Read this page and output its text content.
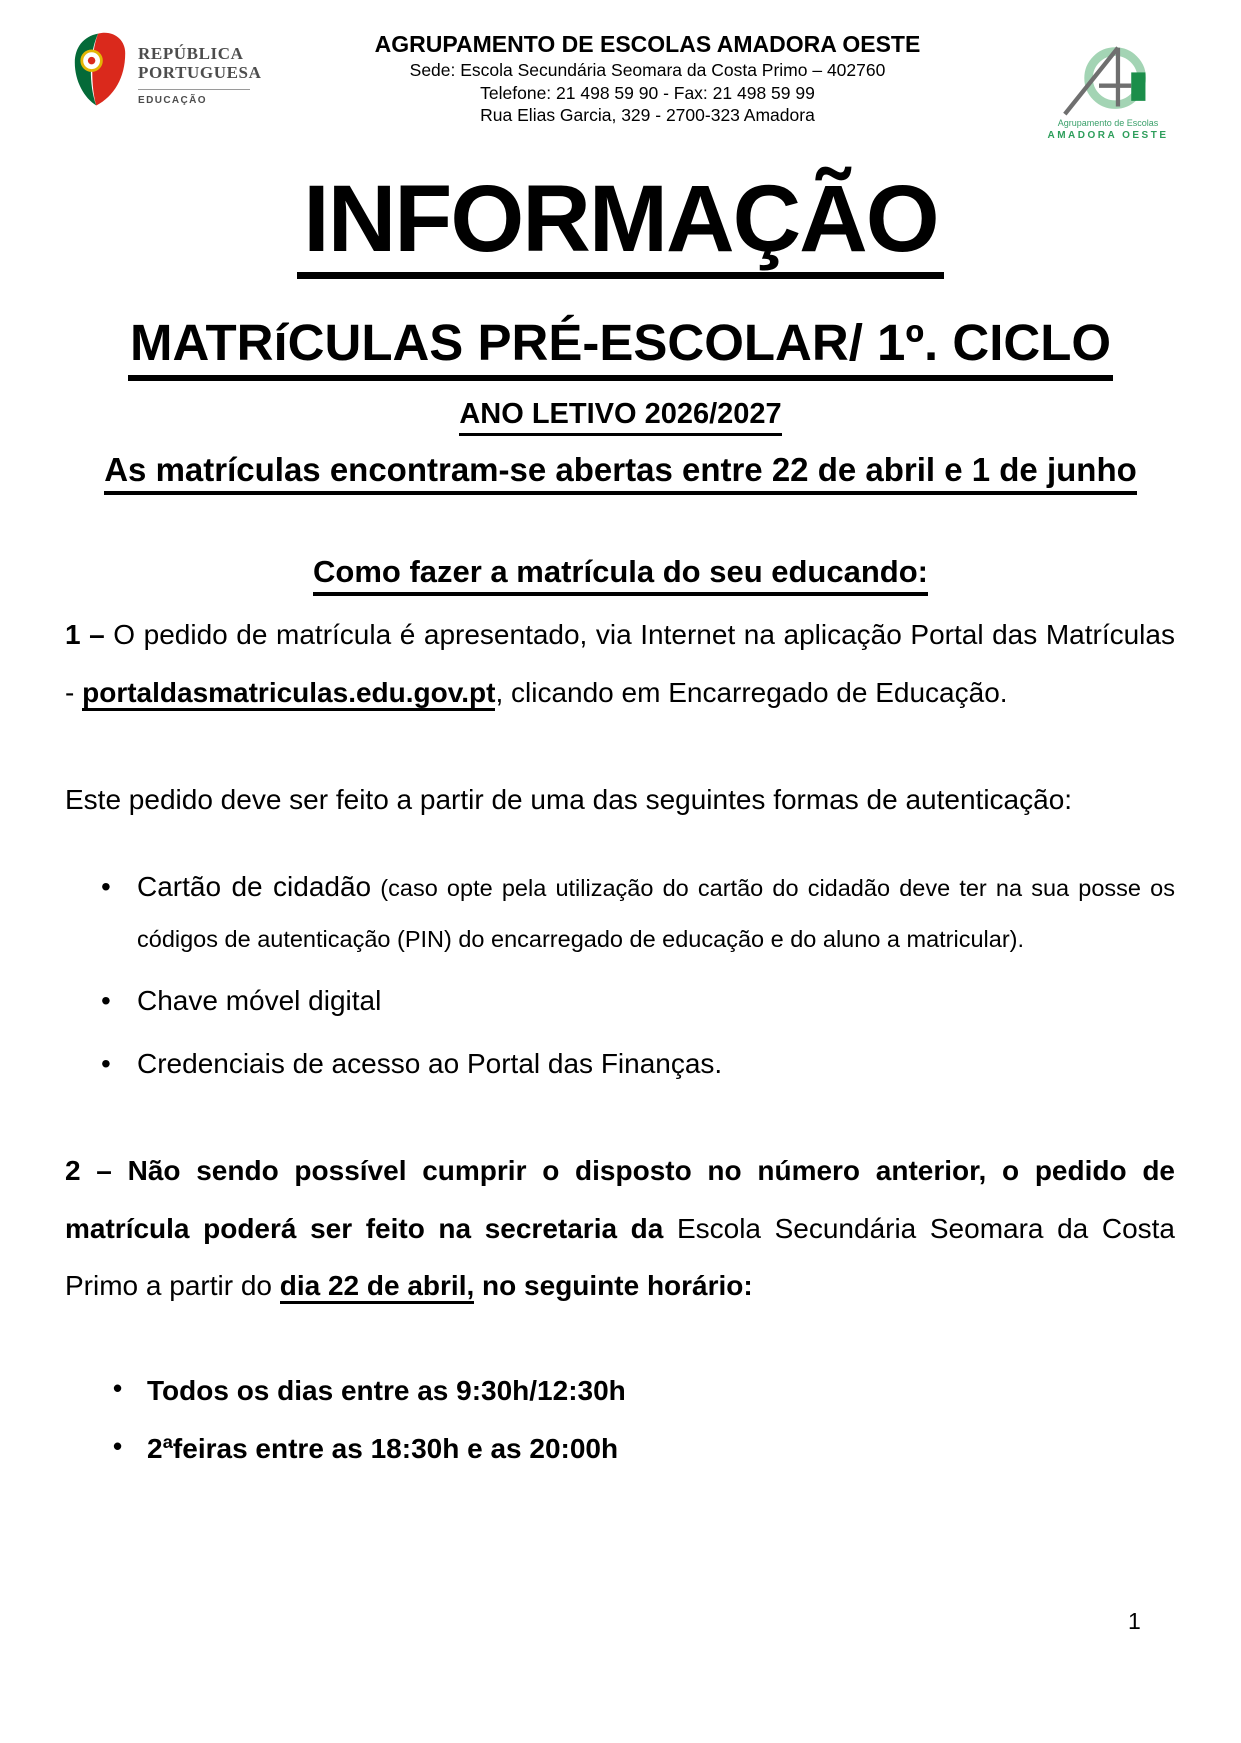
REPÚBLICA
PORTUGUESA
EDUCAÇÃO
AGRUPAMENTO DE ESCOLAS AMADORA OESTE
Sede: Escola Secundária Seomara da Costa Primo – 402760
Telefone: 21 498 59 90 - Fax: 21 498 59 99
Rua Elias Garcia, 329 - 2700-323 Amadora	Agrupamento de Escolas
AMADORA OESTE
INFORMAÇÃO
MATRíCULAS PRÉ-ESCOLAR/ 1º. CICLO
ANO LETIVO 2026/2027
As matrículas encontram-se abertas entre 22 de abril e 1 de junho
Como fazer a matrícula do seu educando:

1 – O pedido de matrícula é apresentado, via Internet na aplicação Portal das Matrículas - portaldasmatriculas.edu.gov.pt, clicando em Encarregado de Educação.

Este pedido deve ser feito a partir de uma das seguintes formas de autenticação:

• Cartão de cidadão (caso opte pela utilização do cartão do cidadão deve ter na sua posse os códigos de autenticação (PIN) do encarregado de educação e do aluno a matricular).
• Chave móvel digital
• Credenciais de acesso ao Portal das Finanças.

2 – Não sendo possível cumprir o disposto no número anterior, o pedido de matrícula poderá ser feito na secretaria da Escola Secundária Seomara da Costa Primo a partir do dia 22 de abril, no seguinte horário:

• Todos os dias entre as 9:30h/12:30h
• 2ªfeiras entre as 18:30h e as 20:00h
1
